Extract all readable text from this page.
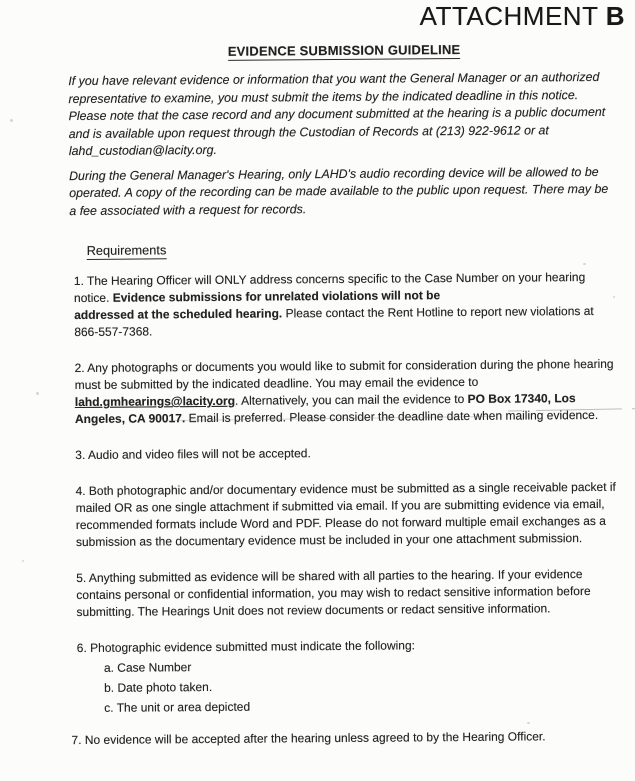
ATTACHMENT B
EVIDENCE SUBMISSION GUIDELINE

If you have relevant evidence or information that you want the General Manager or an authorized representative to examine, you must submit the items by the indicated deadline in this notice. Please note that the case record and any document submitted at the hearing is a public document and is available upon request through the Custodian of Records at (213) 922-9612 or at lahd_custodian@lacity.org.

During the General Manager's Hearing, only LAHD's audio recording device will be allowed to be operated. A copy of the recording can be made available to the public upon request. There may be a fee associated with a request for records.

Requirements

1. The Hearing Officer will ONLY address concerns specific to the Case Number on your hearing notice. Evidence submissions for unrelated violations will not be
addressed at the scheduled hearing. Please contact the Rent Hotline to report new violations at 866-557-7368.

2. Any photographs or documents you would like to submit for consideration during the phone hearing must be submitted by the indicated deadline. You may email the evidence to lahd.gmhearings@lacity.org. Alternatively, you can mail the evidence to PO Box 17340, Los Angeles, CA 90017. Email is preferred. Please consider the deadline date when mailing evidence.

3. Audio and video files will not be accepted.

4. Both photographic and/or documentary evidence must be submitted as a single receivable packet if mailed OR as one single attachment if submitted via email. If you are submitting evidence via email, recommended formats include Word and PDF. Please do not forward multiple email exchanges as a submission as the documentary evidence must be included in your one attachment submission.

5. Anything submitted as evidence will be shared with all parties to the hearing. If your evidence contains personal or confidential information, you may wish to redact sensitive information before submitting. The Hearings Unit does not review documents or redact sensitive information.

6. Photographic evidence submitted must indicate the following:
a. Case Number
b. Date photo taken.
c. The unit or area depicted

7. No evidence will be accepted after the hearing unless agreed to by the Hearing Officer.
